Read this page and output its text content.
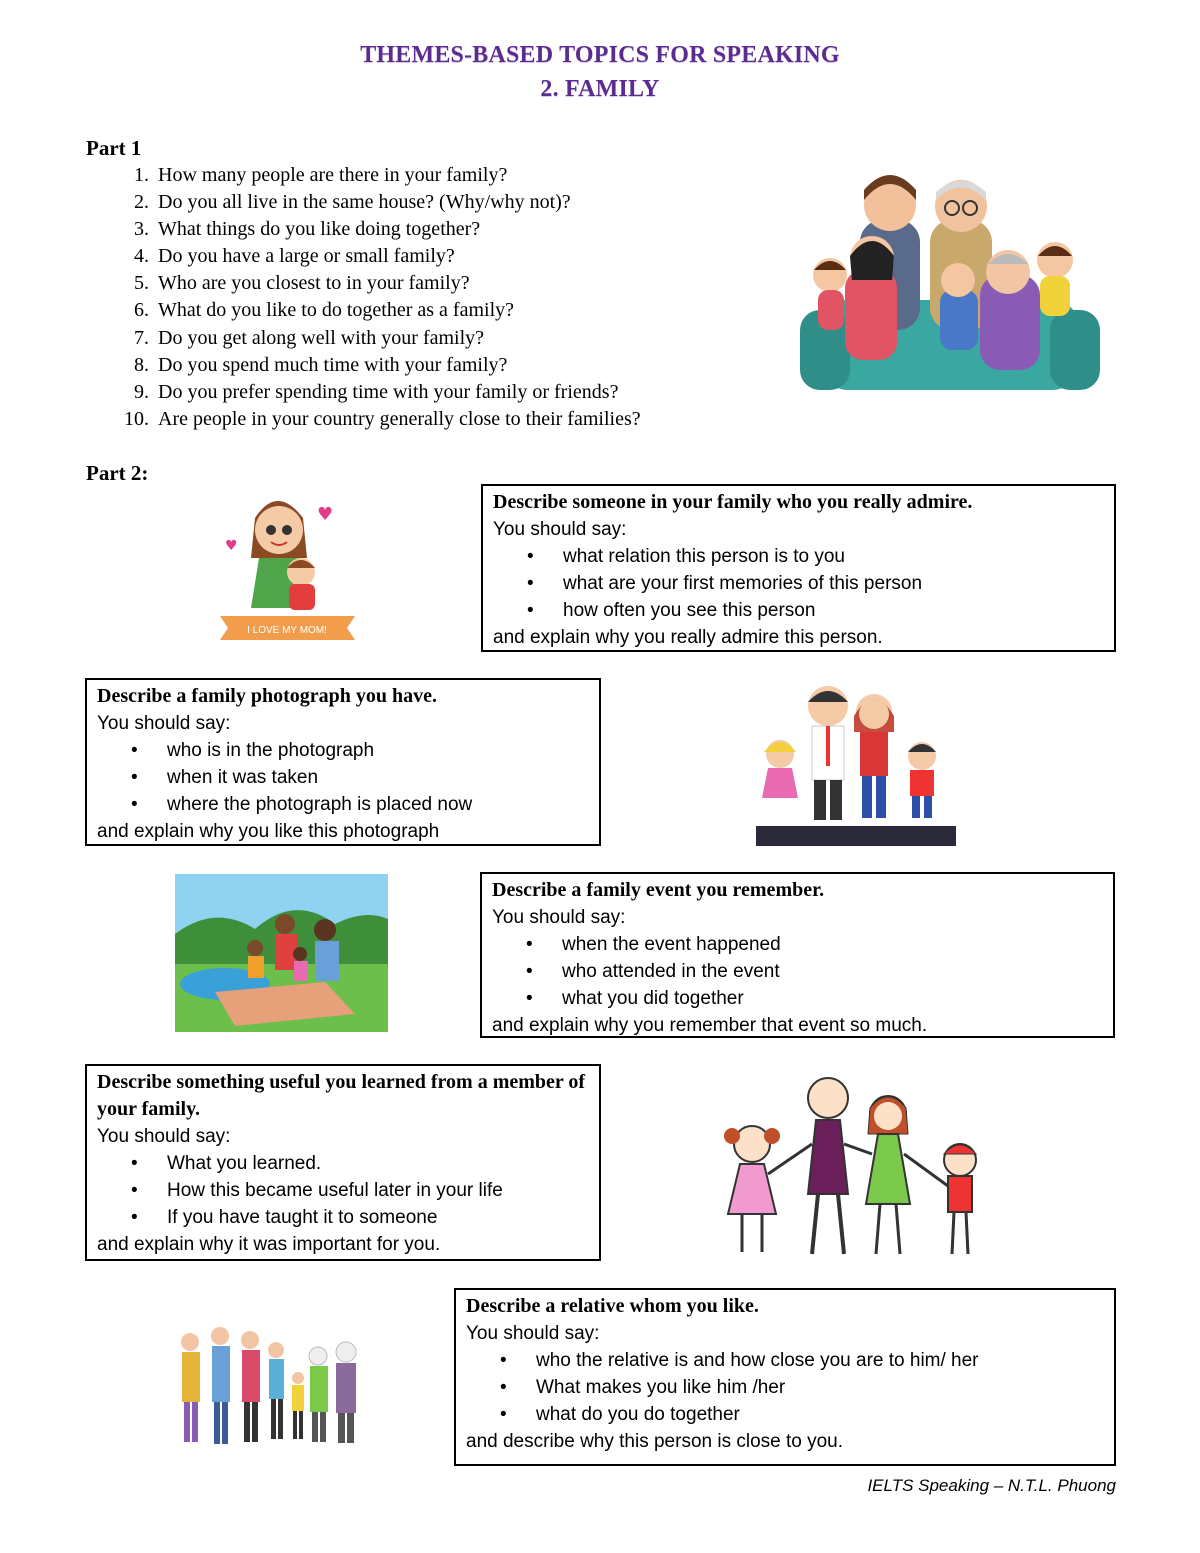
THEMES-BASED TOPICS FOR SPEAKING
2. FAMILY
Part 1
1. How many people are there in your family?
2. Do you all live in the same house? (Why/why not)?
3. What things do you like doing together?
4. Do you have a large or small family?
5. Who are you closest to in your family?
6. What do you like to do together as a family?
7. Do you get along well with your family?
8. Do you spend much time with your family?
9. Do you prefer spending time with your family or friends?
10. Are people in your country generally close to their families?
Part 2:
♥
♥
I LOVE MY MOM!
Describe someone in your family who you really admire.
You should say:
• what relation this person is to you
• what are your first memories of this person
• how often you see this person
and explain why you really admire this person.
Describe a family photograph you have.
You should say:
• who is in the photograph
• when it was taken
• where the photograph is placed now
and explain why you like this photograph
Describe a family event you remember.
You should say:
• when the event happened
• who attended in the event
• what you did together
and explain why you remember that event so much.
Describe something useful you learned from a member of your family.
You should say:
• What you learned.
• How this became useful later in your life
• If you have taught it to someone
and explain why it was important for you.
Describe a relative whom you like.
You should say:
• who the relative is and how close you are to him/ her
• What makes you like him /her
• what do you do together
and describe why this person is close to you.
IELTS Speaking – N.T.L. Phuong
